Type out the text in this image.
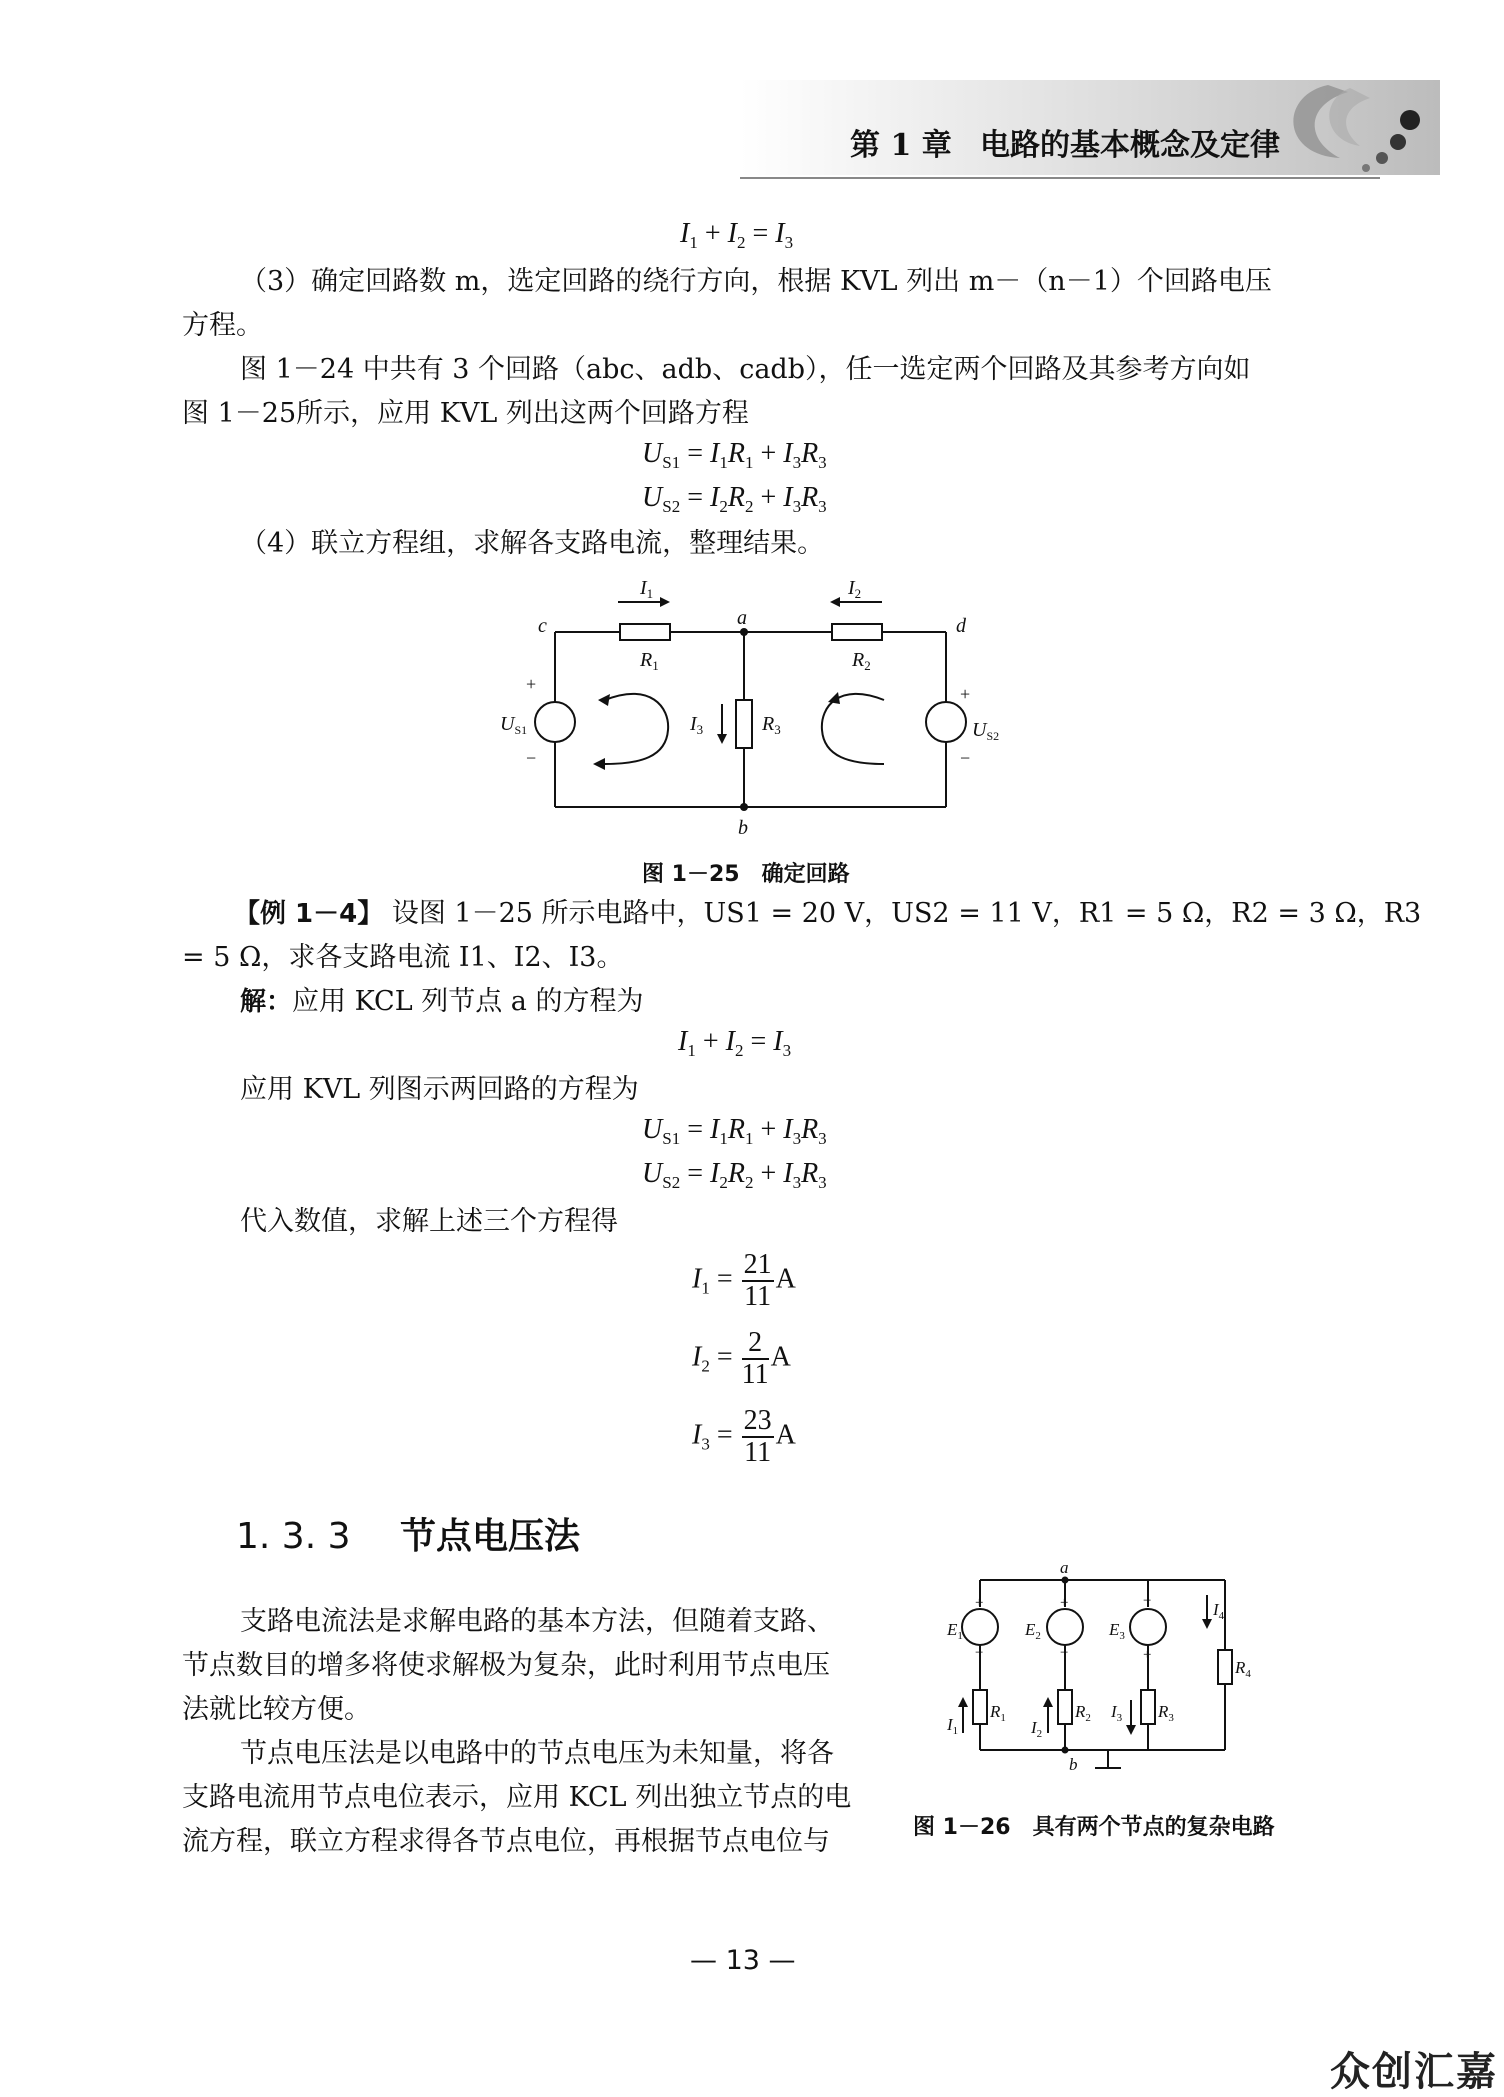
第 1 章 电路的基本概念及定律
$I_1 + I_2 = I_3$
（3）确定回路数 m，选定回路的绕行方向，根据 KVL 列出 m－（n－1）个回路电压
方程。
图 1－24 中共有 3 个回路（abc、adb、cadb），任一选定两个回路及其参考方向如
图 1－25所示，应用 KVL 列出这两个回路方程
$U_{S1} = I_1R_1 + I_3R_3$
$U_{S2} = I_2R_2 + I_3R_3$
（4）联立方程组，求解各支路电流，整理结果。
$I_1$	$I_2$
$R_1$	$R_2$
$R_3$
$I_3$
$U_{S1}$	$U_{S2}$
a
b
c	d
+
−
+
−
图 1－25　确定回路
【例 1－4】 设图 1－25 所示电路中，US1 = 20 V，US2 = 11 V，R1 = 5 Ω，R2 = 3 Ω，R3
= 5 Ω，求各支路电流 I1、I2、I3。
解：应用 KCL 列节点 a 的方程为
$I_1 + I_2 = I_3$
应用 KVL 列图示两回路的方程为
$U_{S1} = I_1R_1 + I_3R_3$
$U_{S2} = I_2R_2 + I_3R_3$
代入数值，求解上述三个方程得
$I_1 = \frac{21}{11}$ A
$I_2 = \frac{2}{11}$ A
$I_3 = \frac{23}{11}$ A
1. 3. 3 节点电压法
支路电流法是求解电路的基本方法，但随着支路、
节点数目的增多将使求解极为复杂，此时利用节点电压
法就比较方便。
节点电压法是以电路中的节点电压为未知量，将各
支路电流用节点电位表示，应用 KCL 列出独立节点的电
流方程，联立方程求得各节点电位，再根据节点电位与
$E_1$	$E_2$	$E_3$
$R_1$	$R_2$	$R_3$
$R_4$
$I_1$	$I_2$
$I_3$
$I_4$
a
b
+
−
+
−
−
+
图 1－26　具有两个节点的复杂电路
— 13 —
众创汇嘉
